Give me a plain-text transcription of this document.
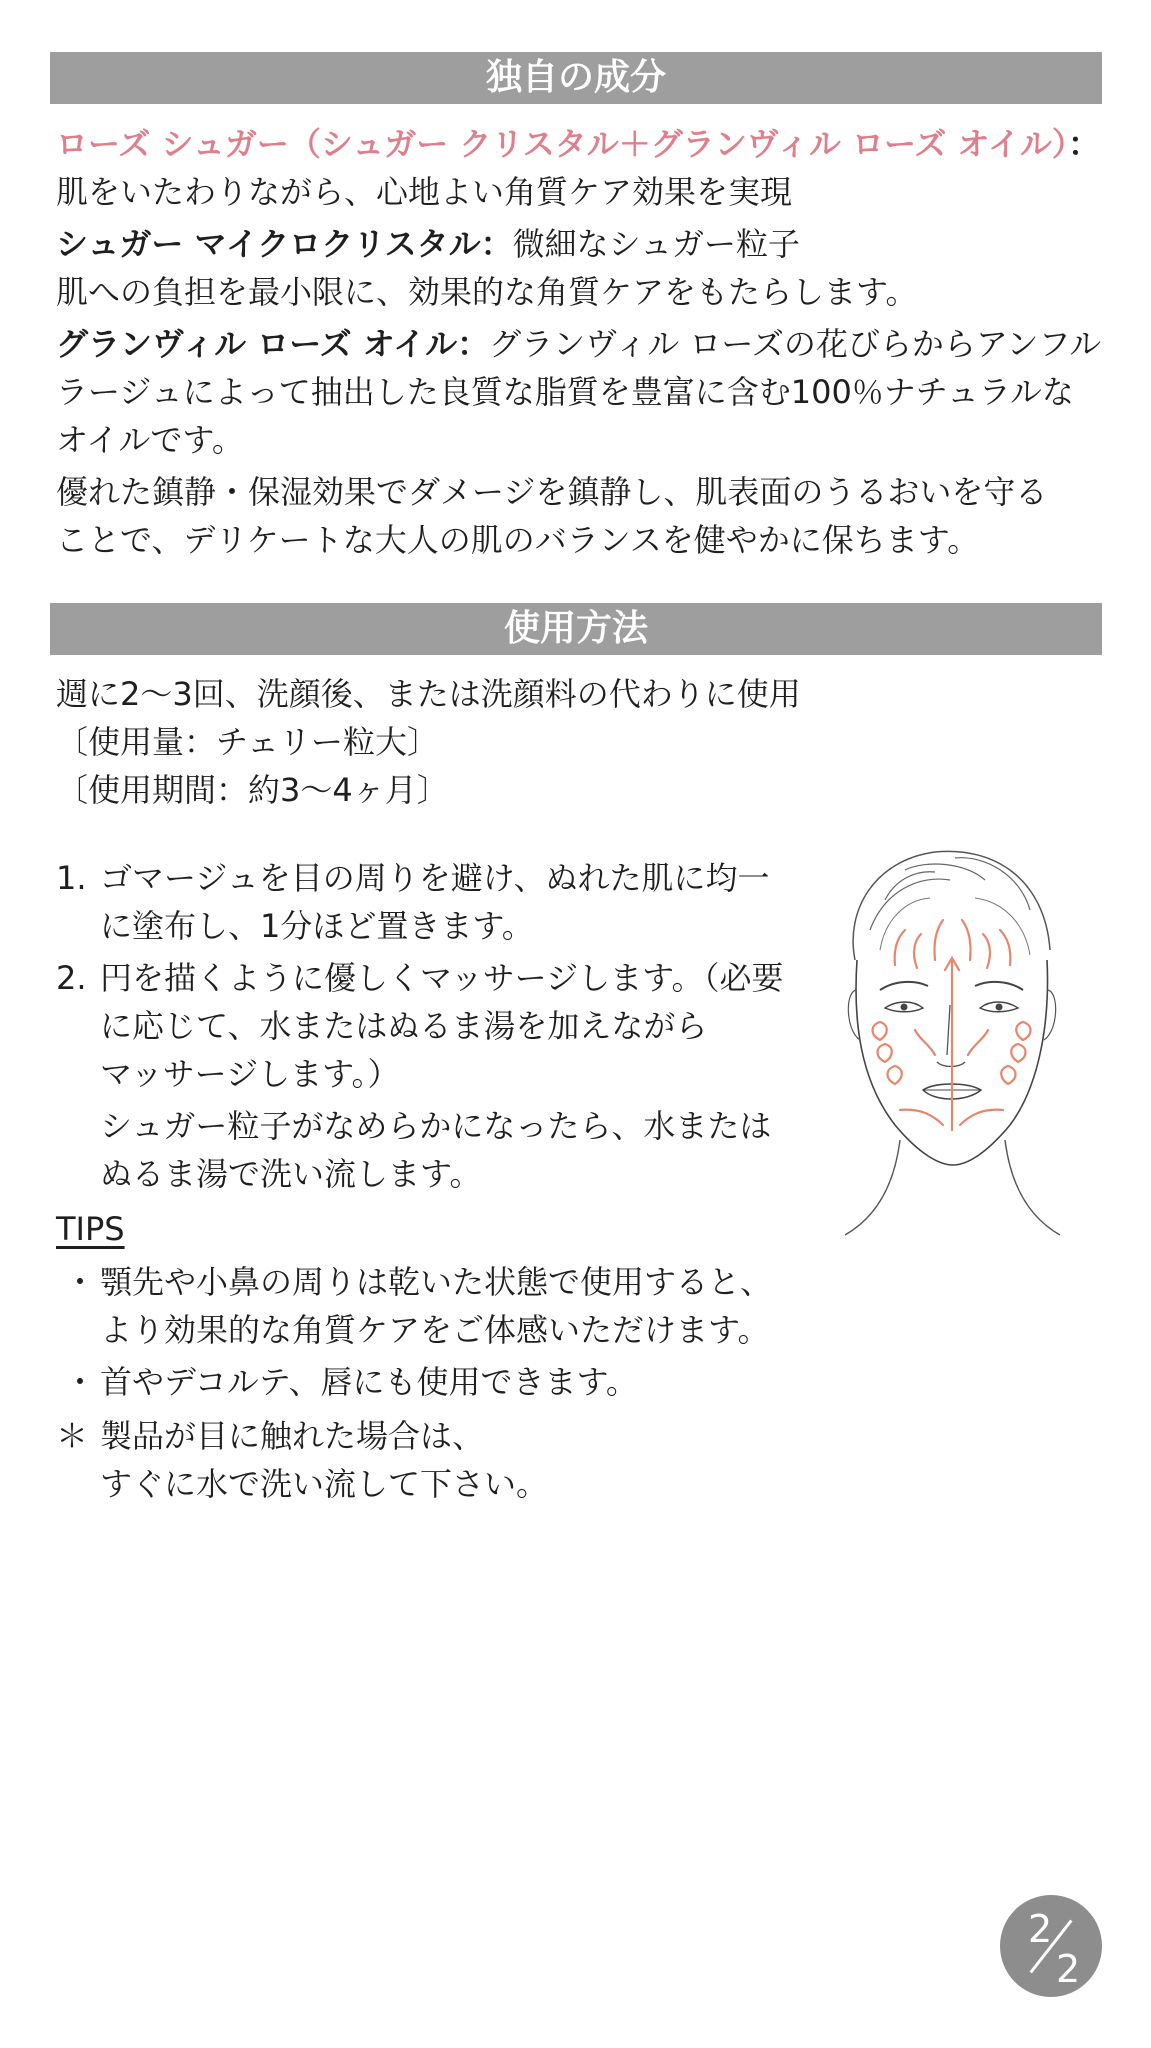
独自の成分
ローズ シュガー（シュガー クリスタル＋グランヴィル ローズ オイル）：
肌をいたわりながら、心地よい角質ケア効果を実現
シュガー マイクロクリスタル：微細なシュガー粒子
肌への負担を最小限に、効果的な角質ケアをもたらします。
グランヴィル ローズ オイル：グランヴィル ローズの花びらからアンフル
ラージュによって抽出した良質な脂質を豊富に含む100％ナチュラルな
オイルです。
優れた鎮静・保湿効果でダメージを鎮静し、肌表面のうるおいを守る
ことで、デリケートな大人の肌のバランスを健やかに保ちます。
使用方法
週に2〜3回、洗顔後、または洗顔料の代わりに使用
〔使用量：チェリー粒大〕
〔使用期間：約3〜4ヶ月〕
1. ゴマージュを目の周りを避け、ぬれた肌に均一
に塗布し、1分ほど置きます。
2. 円を描くように優しくマッサージします。（必要
に応じて、水またはぬるま湯を加えながら
マッサージします。）
シュガー粒子がなめらかになったら、水または
ぬるま湯で洗い流します。
TIPS
・ 顎先や小鼻の周りは乾いた状態で使用すると、
より効果的な角質ケアをご体感いただけます。
・ 首やデコルテ、唇にも使用できます。
＊ 製品が目に触れた場合は、
すぐに水で洗い流して下さい。
2
2
